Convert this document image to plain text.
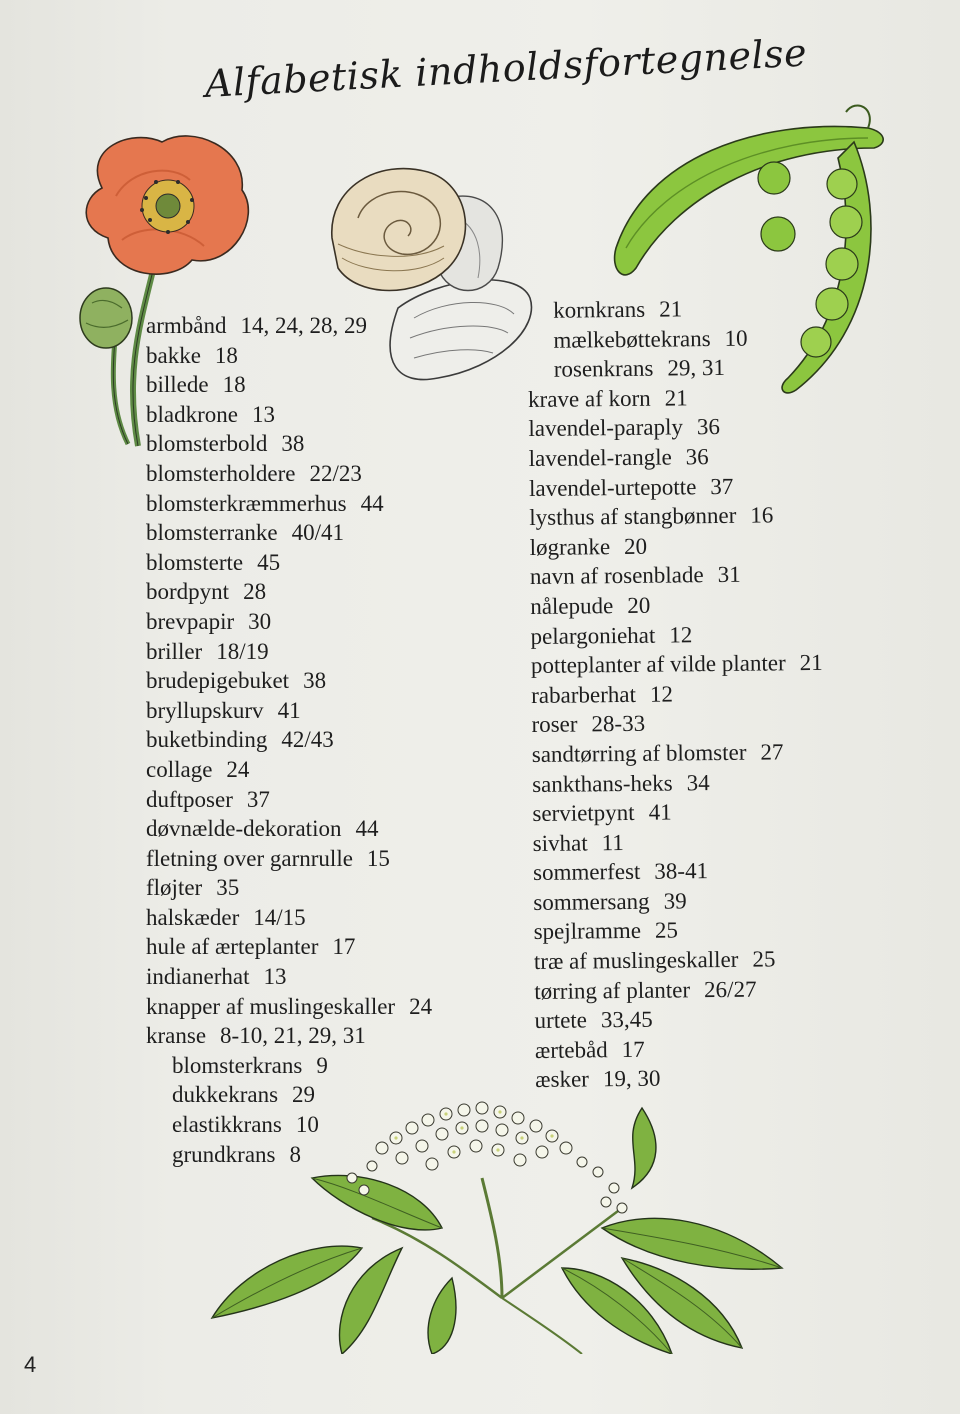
Alfabetisk indholdsfortegnelse
armbånd 14, 24, 28, 29
bakke 18
billede 18
bladkrone 13
blomsterbold 38
blomsterholdere 22/23
blomsterkræmmerhus 44
blomsterranke 40/41
blomsterte 45
bordpynt 28
brevpapir 30
briller 18/19
brudepigebuket 38
bryllupskurv 41
buketbinding 42/43
collage 24
duftposer 37
døvnælde-dekoration 44
fletning over garnrulle 15
fløjter 35
halskæder 14/15
hule af ærteplanter 17
indianerhat 13
knapper af muslingeskaller 24
kranse 8-10, 21, 29, 31
blomsterkrans 9
dukkekrans 29
elastikkrans 10
grundkrans 8
kornkrans 21
mælkebøttekrans 10
rosenkrans 29, 31
krave af korn 21
lavendel-paraply 36
lavendel-rangle 36
lavendel-urtepotte 37
lysthus af stangbønner 16
løgranke 20
navn af rosenblade 31
nålepude 20
pelargoniehat 12
potteplanter af vilde planter 21
rabarberhat 12
roser 28-33
sandtørring af blomster 27
sankthans-heks 34
servietpynt 41
sivhat 11
sommerfest 38-41
sommersang 39
spejlramme 25
træ af muslingeskaller 25
tørring af planter 26/27
urtete 33,45
ærtebåd 17
æsker 19, 30
4
